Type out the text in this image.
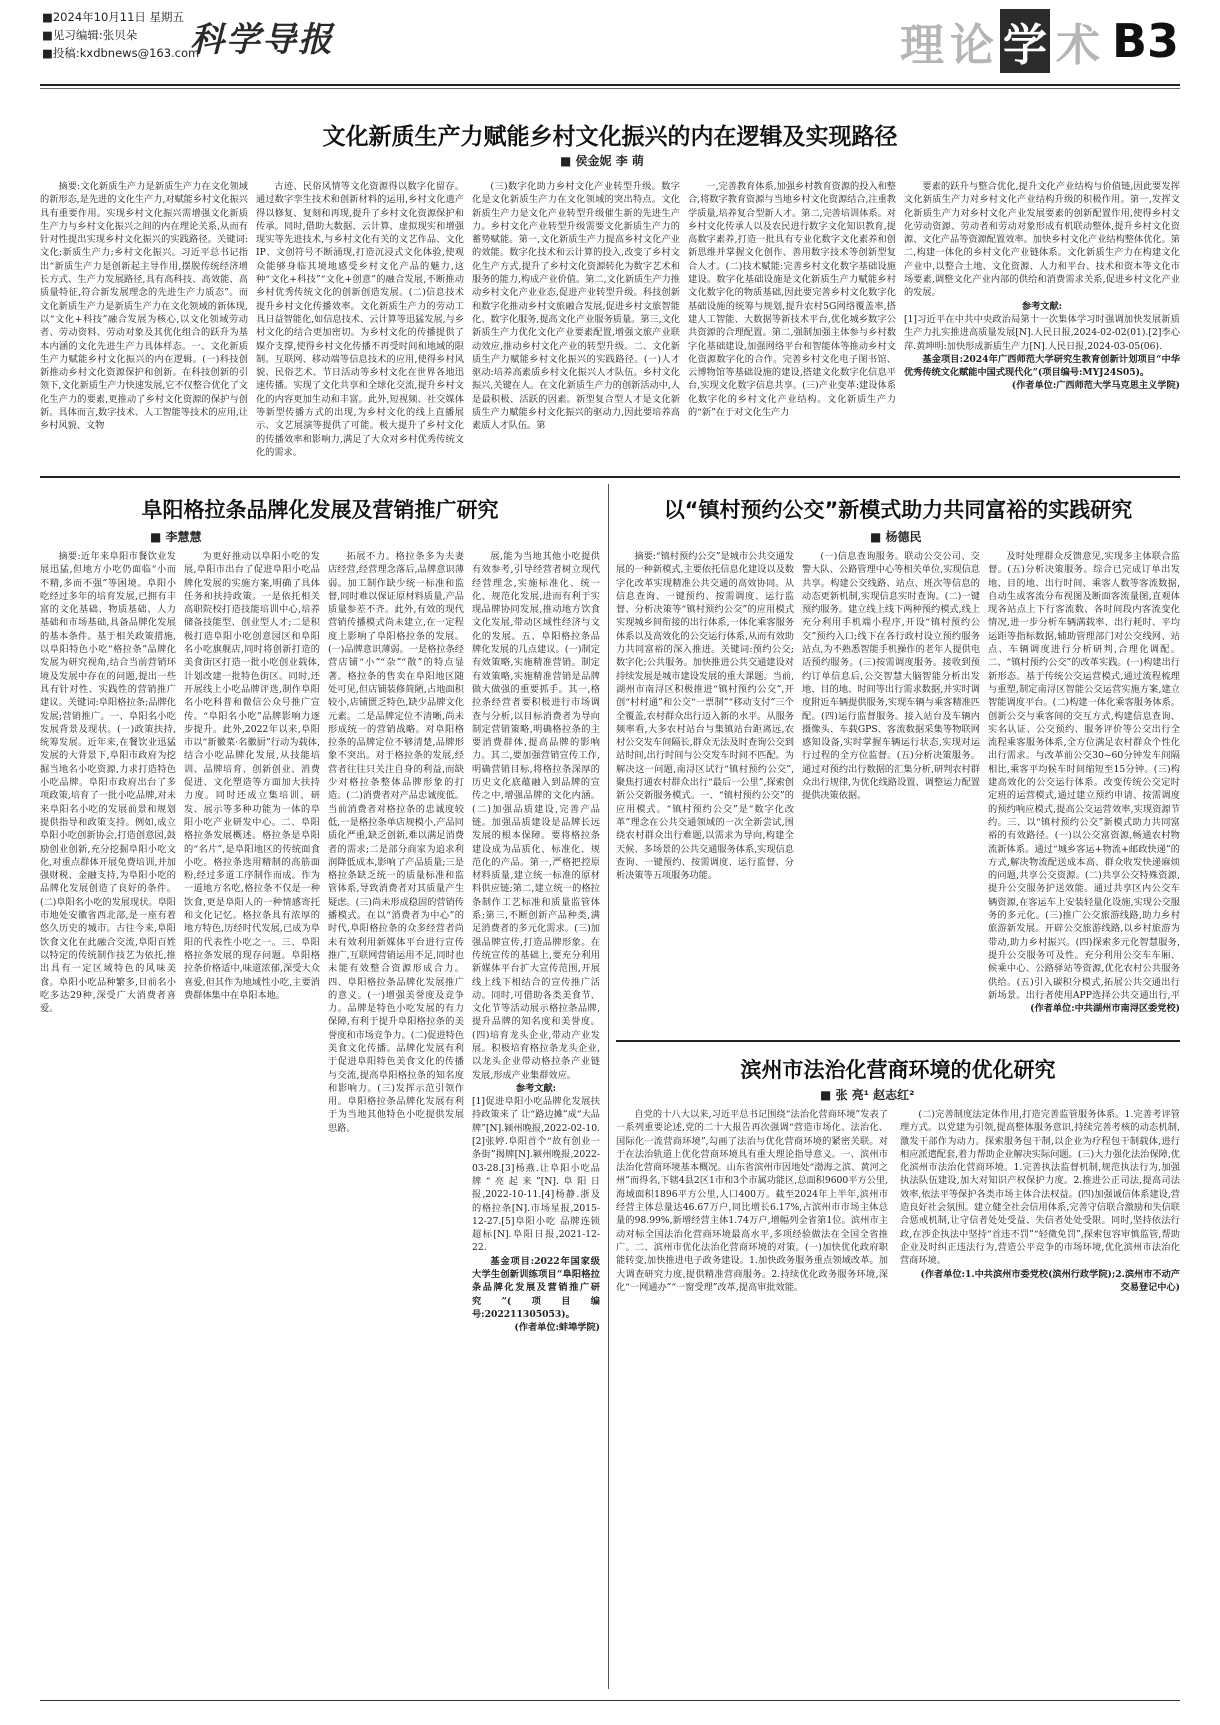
■2024年10月11日 星期五
■见习编辑:张贝朵
■投稿:kxdbnews@163.com
科学导报	理 论 学 术 B3
文化新质生产力赋能乡村文化振兴的内在逻辑及实现路径
■ 侯金妮 李 萌

摘要:文化新质生产力是新质生产力在文化领域的新形态,是先进的文化生产力,对赋能乡村文化振兴具有重要作用。实现乡村文化振兴需增强文化新质生产力与乡村文化振兴之间的内在理论关系,从而有针对性提出实现乡村文化振兴的实践路径。关键词:文化;新质生产力;乡村文化振兴。习近平总书记指出“新质生产力是创新起主导作用,摆脱传统经济增长方式、生产力发展路径,具有高科技、高效能、高质量特征,符合新发展理念的先进生产力质态”。而文化新质生产力是新质生产力在文化领域的新体现,以“文化+科技”融合发展为核心,以文化领域劳动者、劳动资料、劳动对象及其优化组合的跃升为基本内涵的文化先进生产力具体样态。一、文化新质生产力赋能乡村文化振兴的内在逻辑。(一)科技创新推动乡村文化资源保护和创新。在科技创新的引领下,文化新质生产力快速发展,它不仅整合优化了文化生产力的要素,更推动了乡村文化资源的保护与创新。具体而言,数字技术、人工智能等技术的应用,让乡村风貌、文物

古迹、民俗风情等文化资源得以数字化留存。通过数字孪生技术和创新材料的运用,乡村文化遗产得以修复、复刻和再现,提升了乡村文化资源保护和传承。同时,借助大数据、云计算、虚拟现实和增强现实等先进技术,与乡村文化有关的文艺作品、文化IP、文创符号不断涌现,打造沉浸式文化体验,使观众能够身临其境地感受乡村文化产品的魅力,这种“文化+科技”“文化+创意”的融合发展,不断推动乡村优秀传统文化的创新创造发展。(二)信息技术提升乡村文化传播效率。文化新质生产力的劳动工具日益智能化,如信息技术、云计算等迅猛发展,与乡村文化的结合更加密切。为乡村文化的传播提供了媒介支撑,使得乡村文化传播不再受时间和地域的限制。互联网、移动端等信息技术的应用,使得乡村风貌、民俗艺术、节日活动等乡村文化在世界各地迅速传播。实现了文化共享和全球化交流,提升乡村文化的内容更加生动和丰富。此外,短视频、社交媒体等新型传播方式的出现,为乡村文化的线上直播展示、文艺展演等提供了可能。极大提升了乡村文化的传播效率和影响力,满足了大众对乡村优秀传统文化的需求。

(三)数字化助力乡村文化产业转型升级。数字化是文化新质生产力在文化领域的突出特点。文化新质生产力是文化产业转型升级催生新的先进生产力。乡村文化产业转型升级需要文化新质生产力的蓄势赋能。第一,文化新质生产力提高乡村文化产业的效能。数字化技术和云计算的投入,改变了乡村文化生产方式,提升了乡村文化资源转化为数字艺术和服务的能力,构成产业价值。第二,文化新质生产力推动乡村文化产业业态,促进产业转型升级。科技创新和数字化推动乡村文旅融合发展,促进乡村文旅智能化、数字化服务,提高文化产业服务质量。第三,文化新质生产力优化文化产业要素配置,增强文旅产业联动效应,推动乡村文化产业的转型升级。二、文化新质生产力赋能乡村文化振兴的实践路径。(一)人才驱动:培养高素质乡村文化振兴人才队伍。乡村文化振兴,关键在人。在文化新质生产力的创新活动中,人是最积极、活跃的因素。新型复合型人才是文化新质生产力赋能乡村文化振兴的驱动力,因此要培养高素质人才队伍。第

一,完善教育体系,加强乡村教育资源的投入和整合,将数字教育资源与当地乡村文化资源结合,注重教学质量,培养复合型新人才。第二,完善培训体系。对乡村文化传承人以及农民进行数字文化知识教育,提高数字素养,打造一批具有专业化数字文化素养和创新思维并掌握文化创作、善用数字技术等创新型复合人才。(二)技术赋能:完善乡村文化数字基础设施建设。数字化基础设施是文化新质生产力赋能乡村文化数字化的物质基础,因此要完善乡村文化数字化基础设施的统筹与规划,提升农村5G网络覆盖率,搭建人工智能、大数据等新技术平台,优化城乡数字公共资源的合理配置。第二,强制加强主体参与乡村数字化基础建设,加强网络平台和智能体等推动乡村文化资源数字化的合作。完善乡村文化电子图书馆、云博物馆等基础设施的建设,搭建文化数字化信息平台,实现文化数字信息共享。(三)产业变革:建设体系化数字化的乡村文化产业结构。文化新质生产力的“新”在于对文化生产力

要素的跃升与整合优化,提升文化产业结构与价值链,因此要发挥文化新质生产力对乡村文化产业结构升级的积极作用。第一,发挥文化新质生产力对乡村文化产业发展要素的创新配置作用,使得乡村文化劳动资源、劳动者和劳动对象形成有机联动整体,提升乡村文化资源、文化产品等资源配置效率。加快乡村文化产业结构整体优化。第二,构建一体化的乡村文化产业链体系。文化新质生产力在构建文化产业中,以整合土地、文化资源、人力和平台、技术和资本等文化市场要素,调整文化产业内部的供给和消费需求关系,促进乡村文化产业的发展。

参考文献:

[1]习近平在中共中央政治局第十一次集体学习时强调加快发展新质生产力扎实推进高质量发展[N].人民日报,2024-02-02(01).[2]李心萍.黄坤明:加快形成新质生产力[N].人民日报,2024-03-05(06).

基金项目:2024年广西师范大学研究生教育创新计划项目“中华优秀传统文化赋能中国式现代化”(项目编号:MYJ24S05)。

(作者单位:广西师范大学马克思主义学院)

阜阳格拉条品牌化发展及营销推广研究
■ 李慧慧

摘要:近年来阜阳市餐饮业发展迅猛,但地方小吃仍面临“小而不精,多而不强”等困境。阜阳小吃经过多年的培育发展,已拥有丰富的文化基础、物质基础、人力基础和市场基础,具备品牌化发展的基本条件。基于相关政策措施,以阜阳特色小吃“格拉条”品牌化发展为研究视角,结合当前营销环境及发展中存在的问题,提出一些具有针对性、实践性的营销推广建议。关键词:阜阳格拉条;品牌化发展;营销推广。一、阜阳名小吃发展背景及现状。(一)政策扶持,统筹发展。近年来,在餐饮业迅猛发展的大背景下,阜阳市政府为挖掘当地名小吃资源,力求打造特色小吃品牌。阜阳市政府出台了多项政策,培育了一批小吃品牌,对未来阜阳名小吃的发展前景和规划提供指导和政策支持。例如,成立阜阳小吃创新协会,打造创意园,鼓励创业创新,充分挖掘阜阳小吃文化,对重点群体开展免费培训,并加强财税、金融支持,为阜阳小吃的品牌化发展创造了良好的条件。(二)阜阳名小吃的发展现状。阜阳市地处安徽省西北部,是一座有着悠久历史的城市。古往今来,阜阳饮食文化在此融合交流,阜阳百姓以特定的传统制作技艺为依托,推出具有一定区域特色的风味美食。阜阳小吃品种繁多,目前名小吃多达29种,深受广大消费者喜爱。

为更好推动以阜阳小吃的发展,阜阳市出台了促进阜阳小吃品牌化发展的实施方案,明确了具体任务和扶持政策。一是依托相关高职院校打造技能培训中心,培养储备技能型、创业型人才;二是积极打造阜阳小吃创意园区和阜阳名小吃旗舰店,同时将创新打造的美食街区打造一批小吃创业载体,计划改建一批特色街区。同时,还开展线上小吃品牌评选,制作阜阳名小吃科普和微信公众号推广宣传。“阜阳名小吃”品牌影响力逐步提升。此外,2022年以来,阜阳市以“新徽菜·名徽厨”行动为载体,结合小吃品牌化发展,从技能培训、品牌培育、创新创业、消费促进、文化塑造等方面加大扶持力度。同时还成立集培训、研发、展示等多种功能为一体的阜阳小吃产业研发中心。二、阜阳格拉条发展概述。格拉条是阜阳的“名片”,是阜阳地区的传统面食小吃。格拉条选用精制的高筋面粉,经过多道工序制作而成。作为一道地方名吃,格拉条不仅是一种饮食,更是阜阳人的一种情感寄托和文化记忆。格拉条具有浓厚的地方特色,历经时代发展,已成为阜阳的代表性小吃之一。三、阜阳格拉条发展的现存问题。阜阳格拉条价格适中,味道浓郁,深受大众喜爱,但其作为地域性小吃,主要消费群体集中在阜阳本地。

拓展不力。格拉条多为夫妻店经营,经营理念落后,品牌意识薄弱。加工制作缺少统一标准和监督,同时难以保证原材料质量,产品质量参差不齐。此外,有效的现代营销传播模式尚未建立,在一定程度上影响了阜阳格拉条的发展。(一)品牌意识薄弱。一是格拉条经营店铺“小”“杂”“散”的特点显著。格拉条的售卖在阜阳地区随处可见,但店铺装修简陋,占地面积较小,店铺匮乏特色,缺少品牌文化元素。二是品牌定位不清晰,尚未形成统一的营销战略。对阜阳格拉条的品牌定位不够清楚,品牌形象不突出。对于格拉条的发展,经营者往往只关注自身的利益,而缺少对格拉条整体品牌形象的打造。(二)消费者对产品忠诚度低。当前消费者对格拉条的忠诚度较低,一是格拉条单店规模小,产品同质化严重,缺乏创新,难以满足消费者的需求;二是部分商家为追求利润降低成本,影响了产品质量;三是格拉条缺乏统一的质量标准和监管体系,导致消费者对其质量产生疑虑。(三)尚未形成稳固的营销传播模式。在以“消费者为中心”的时代,阜阳格拉条的众多经营者尚未有效利用新媒体平台进行宣传推广,互联网营销运用不足,同时也未能有效整合资源形成合力。四、阜阳格拉条品牌化发展推广的意义。(一)增强美誉度及竞争力。品牌是特色小吃发展的有力保障,有利于提升阜阳格拉条的美誉度和市场竞争力。(二)促进特色美食文化传播。品牌化发展有利于促进阜阳特色美食文化的传播与交流,提高阜阳格拉条的知名度和影响力。(三)发挥示范引领作用。阜阳格拉条品牌化发展有利于为当地其他特色小吃提供发展思路。

展,能为当地其他小吃提供有效参考,引导经营者树立现代经营理念,实施标准化、统一化、规范化发展,进而有利于实现品牌协同发展,推动地方饮食文化发展,带动区域性经济与文化的发展。五、阜阳格拉条品牌化发展的几点建议。(一)制定有效策略,实施精准营销。制定有效策略,实施精准营销是品牌做大做强的重要抓手。其一,格拉条经营者要积极进行市场调查与分析,以目标消费者为导向制定营销策略,明确格拉条的主要消费群体,提高品牌的影响力。其二,要加强营销宣传工作,明确营销目标,将格拉条深厚的历史文化底蕴融入到品牌的宣传之中,增强品牌的文化内涵。(二)加强品质建设,完善产品链。加强品质建设是品牌长远发展的根本保障。要将格拉条建设成为品质化、标准化、规范化的产品。第一,严格把控原材料质量,建立统一标准的原材料供应链;第二,建立统一的格拉条制作工艺标准和质量监管体系;第三,不断创新产品种类,满足消费者的多元化需求。(三)加强品牌宣传,打造品牌形象。在传统宣传的基础上,要充分利用新媒体平台扩大宣传范围,开展线上线下相结合的宣传推广活动。同时,可借助各类美食节、文化节等活动展示格拉条品牌,提升品牌的知名度和美誉度。(四)培育龙头企业,带动产业发展。积极培育格拉条龙头企业,以龙头企业带动格拉条产业链发展,形成产业集群效应。

参考文献:

[1]促进阜阳小吃品牌化发展扶持政策来了 让“路边摊”成“大品牌”[N].颍州晚报,2022-02-10.[2]张婷.阜阳首个“故有创业一条街”揭牌[N].颍州晚报,2022-03-28.[3]杨燕.让阜阳小吃品牌“亮起来”[N].阜阳日报,2022-10-11.[4]杨静.浙及的格拉条[N].市场星报,2015-12-27.[5]阜阳小吃 品牌连锁超标[N].阜阳日报,2021-12-22.

基金项目:2022年国家级大学生创新训练项目“阜阳格拉条品牌化发展及营销推广研究”(项目编号:202211305053)。

(作者单位:蚌埠学院)

以“镇村预约公交”新模式助力共同富裕的实践研究
■ 杨德民

摘要:“镇村预约公交”是城市公共交通发展的一种新模式,主要依托信息化建设以及数字化改革实现精准公共交通的高效协同。从信息查询、一键预约、按需调度、运行监督、分析决策等“镇村预约公交”的应用模式实现城乡间衔接的出行体系,一体化乘客服务体系以及高效化的公交运行体系,从而有效助力共同富裕的深入推进。关键词:预约公交;数字化;公共服务。加快推进公共交通建设对持续发展是城市建设发展的重大课题。当前,湖州市南浔区积极推进“镇村预约公交”,开创“村村通”和公交“一票制”“移动支付”三个全覆盖,农村群众出行迈入新的水平。从服务频率看,大多农村站台与集镇站台距离远,农村公交发车间隔长,群众无法及时查询公交到站时间,出行时间与公交发车时间不匹配。为解决这一问题,南浔区试行“镇村预约公交”,聚焦打通农村群众出行“最后一公里”,探索创新公交新服务模式。一、“镇村预约公交”的应用模式。“镇村预约公交”是“数字化改革”理念在公共交通领域的一次全新尝试,围绕农村群众出行难题,以需求为导向,构建全天候、多场景的公共交通服务体系,实现信息查询、一键预约、按需调度、运行监督、分析决策等五项服务功能。

(一)信息查询服务。联动公交公司、交警大队、公路管理中心等相关单位,实现信息共享。构建公交线路、站点、班次等信息的动态更新机制,实现信息实时查询。(二)一键预约服务。建立线上线下两种预约模式,线上充分利用手机端小程序,开设“镇村预约公交”预约入口;线下在各行政村设立预约服务站点,为不熟悉智能手机操作的老年人提供电话预约服务。(三)按需调度服务。接收到预约订单信息后,公交智慧大脑智能分析出发地、目的地、时间等出行需求数据,并实时调度附近车辆提供服务,实现车辆与乘客精准匹配。(四)运行监督服务。接入站台及车辆内摄像头、车载GPS、客流数据采集等物联网感知设备,实时掌握车辆运行状态,实现对运行过程的全方位监督。(五)分析决策服务。通过对预约出行数据的汇集分析,研判农村群众出行规律,为优化线路设置、调整运力配置提供决策依据。

及时处理群众反馈意见,实现多主体联合监督。(五)分析决策服务。综合已完成订单出发地、目的地、出行时间、乘客人数等客流数据,自动生成客流分布视图及断面客流量图,直观体现各站点上下行客流数、各时间段内客流变化情况,进一步分析车辆满载率、出行耗时、平均运距等指标数据,辅助管理部门对公交线网、站点、车辆调度进行分析研判,合理化调配。二、“镇村预约公交”的改革实践。(一)构建出行新形态。基于传统公交运营模式,通过流程梳理与重塑,制定南浔区智能公交运营实施方案,建立智能调度平台。(二)构建一体化乘客服务体系。创新公交与乘客间的交互方式,构建信息查询、实名认证、公交预约、服务评价等公交出行全流程乘客服务体系,全方位满足农村群众个性化出行需求。与改革前公交30~60分钟发车间隔相比,乘客平均候车时间缩短至15分钟。(三)构建高效化的公交运行体系。改变传统公交定时定班的运营模式,通过建立预约申请、按需调度的预约响应模式,提高公交运营效率,实现资源节约。三、以“镇村预约公交”新模式助力共同富裕的有效路径。(一)以公交富资源,畅通农村物流新体系。通过“城乡客运+物流+邮政快递”的方式,解决物流配送成本高、群众收发快递麻烦的问题,共享公交资源。(二)共享公交特殊资源,提升公交服务护送效能。通过共享区内公交车辆资源,在客运车上安装轻量化设施,实现公交服务的多元化。(三)推广公交旅游线路,助力乡村旅游新发展。开辟公交旅游线路,以乡村旅游为带动,助力乡村振兴。(四)探索多元化智慧服务,提升公交服务可及性。充分利用公交车车厢、候乘中心、公路驿站等资源,优化农村公共服务供给。(五)引入碳积分模式,拓展公共交通出行新场景。出行者使用APP选择公共交通出行,平

(作者单位:中共湖州市南浔区委党校)

滨州市法治化营商环境的优化研究
■ 张 亮¹ 赵志红²

自党的十八大以来,习近平总书记围绕“法治化营商环境”发表了一系列重要论述,党的二十大报告再次强调“营造市场化、法治化、国际化一流营商环境”,勾画了法治与优化营商环境的紧密关联。对于在法治轨道上优化营商环境具有重大理论指导意义。一、滨州市法治化营商环境基本概况。山东省滨州市因地处“渤海之滨、黄河之州”而得名,下辖4县2区1市和3个市属功能区,总面积9600平方公里,海域面积1896平方公里,人口400万。截至2024年上半年,滨州市经营主体总量达46.67万户,同比增长6.17%,占滨州市市场主体总量的98.99%,新增经营主体1.74万户,增幅列全省第1位。滨州市主动对标全国法治化营商环境最高水平,多项经验做法在全国全省推广。二、滨州市优化法治化营商环境的对策。(一)加快优化政府职能转变,加快推进电子政务建设。1.加快政务服务重点领域改革。加大调查研究力度,提供精准营商服务。2.持续优化政务服务环境,深化“一网通办”“一窗受理”改革,提高审批效能。

(二)完善制度法定体作用,打造完善监管服务体系。1.完善考评管理方式。以党建为引领,提高整体服务意识,持续完善考核的动态机制,激发干部作为动力。探索服务包干制,以企业为疗程包干制载体,进行相应派遣配套,着力帮助企业解决实际问题。(三)大力强化法治保障,优化滨州市法治化营商环境。1.完善执法监督机制,规范执法行为,加强执法队伍建设,加大对知识产权保护力度。2.推进公正司法,提高司法效率,依法平等保护各类市场主体合法权益。(四)加强诚信体系建设,营造良好社会氛围。建立健全社会信用体系,完善守信联合激励和失信联合惩戒机制,让守信者处处受益、失信者处处受限。同时,坚持依法行政,在涉企执法中坚持“首违不罚”“轻微免罚”,探索包容审慎监管,帮助企业及时纠正违法行为,营造公平竞争的市场环境,优化滨州市法治化营商环境。

(作者单位:1.中共滨州市委党校(滨州行政学院);2.滨州市不动产交易登记中心)
